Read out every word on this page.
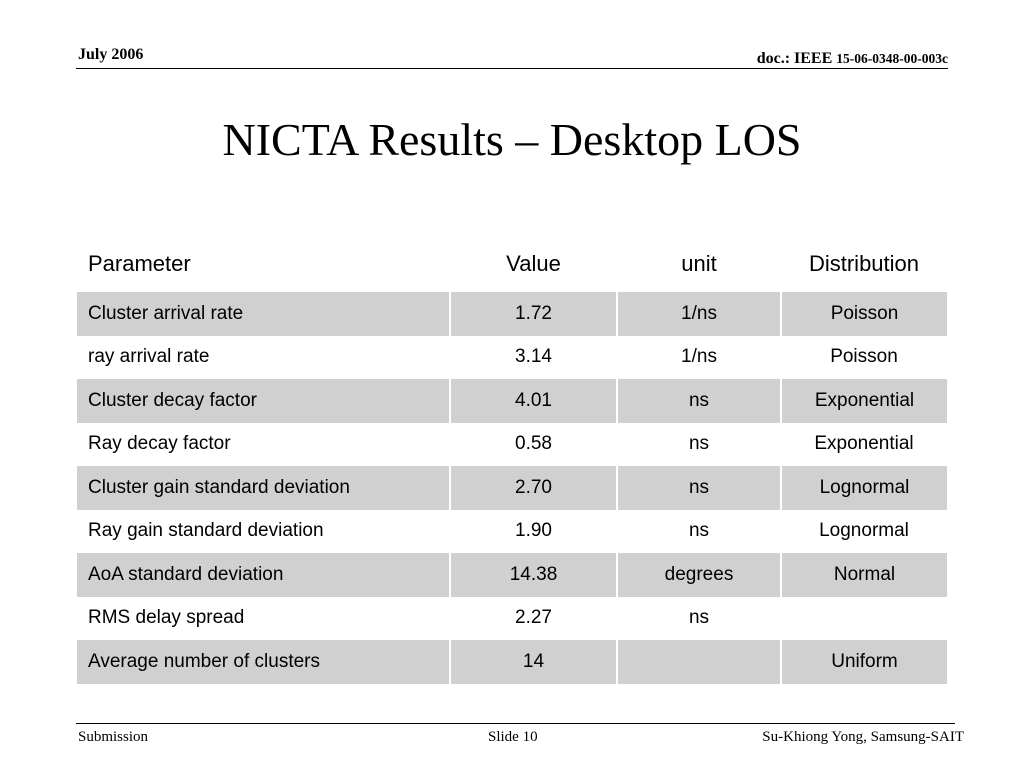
July 2006	doc.: IEEE 15-06-0348-00-003c
NICTA Results – Desktop LOS
Parameter	Value	unit	Distribution
Cluster arrival rate	1.72	1/ns	Poisson
ray arrival rate	3.14	1/ns	Poisson
Cluster decay factor	4.01	ns	Exponential
Ray decay factor	0.58	ns	Exponential
Cluster gain standard deviation	2.70	ns	Lognormal
Ray gain standard deviation	1.90	ns	Lognormal
AoA standard deviation	14.38	degrees	Normal
RMS delay spread	2.27	ns	
Average number of clusters	14		Uniform
Submission	Slide 10	Su-Khiong Yong, Samsung-SAIT
